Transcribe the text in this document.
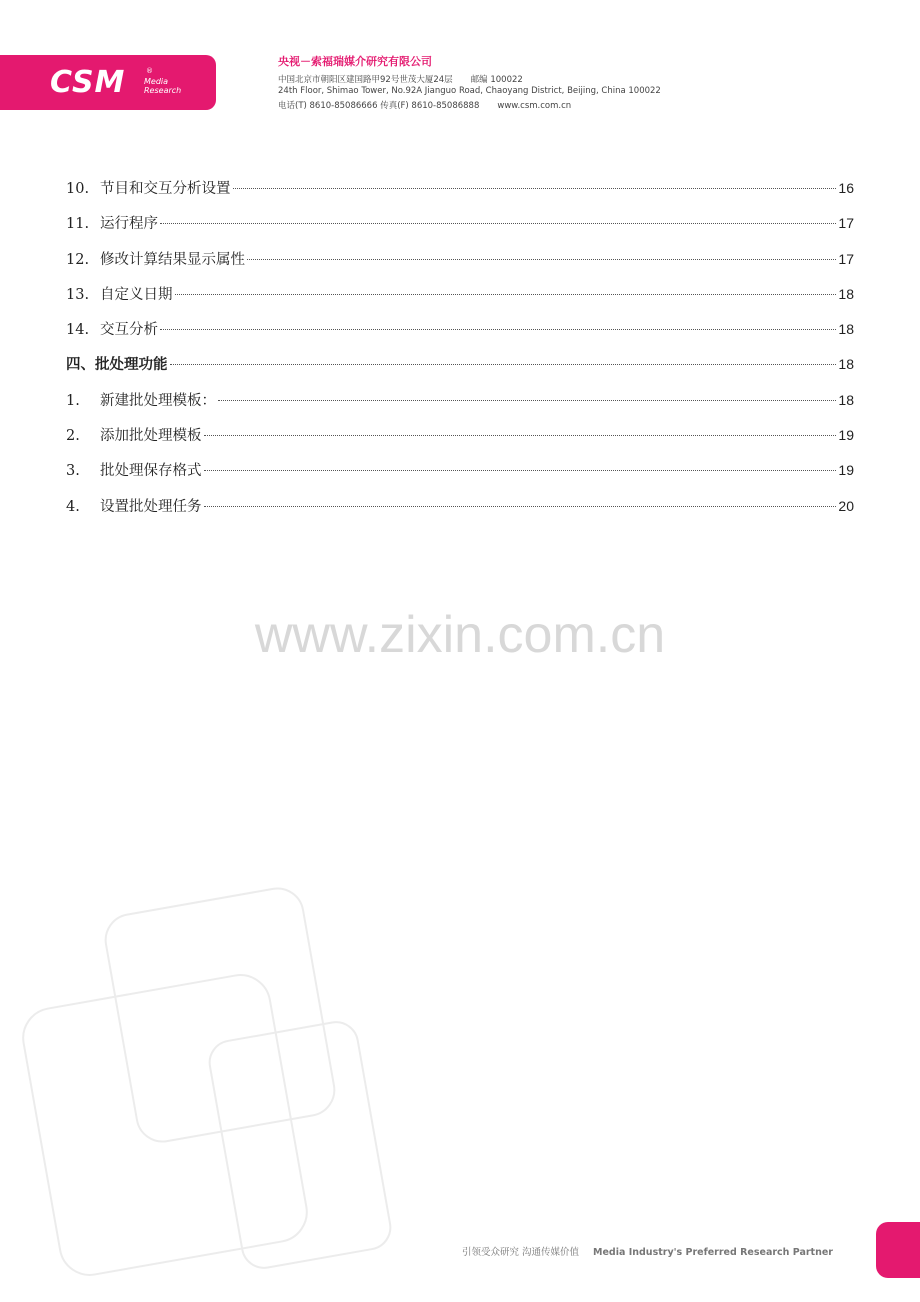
CSM	®
Media
Research
央视－索福瑞媒介研究有限公司
中国北京市朝阳区建国路甲92号世茂大厦24层 邮编 100022
24th Floor, Shimao Tower, No.92A Jianguo Road, Chaoyang District, Beijing, China 100022
电话(T) 8610-85086666 传真(F) 8610-85086888 www.csm.com.cn
10. 节目和交互分析设置	16
11. 运行程序	17
12. 修改计算结果显示属性	17
13. 自定义日期	18
14. 交互分析	18
四、批处理功能	18
1.	新建批处理模板：	18
2.	添加批处理模板	19
3.	批处理保存格式	19
4.	设置批处理任务	20
www.zixin.com.cn
引领受众研究 沟通传媒价值 Media Industry's Preferred Research Partner
